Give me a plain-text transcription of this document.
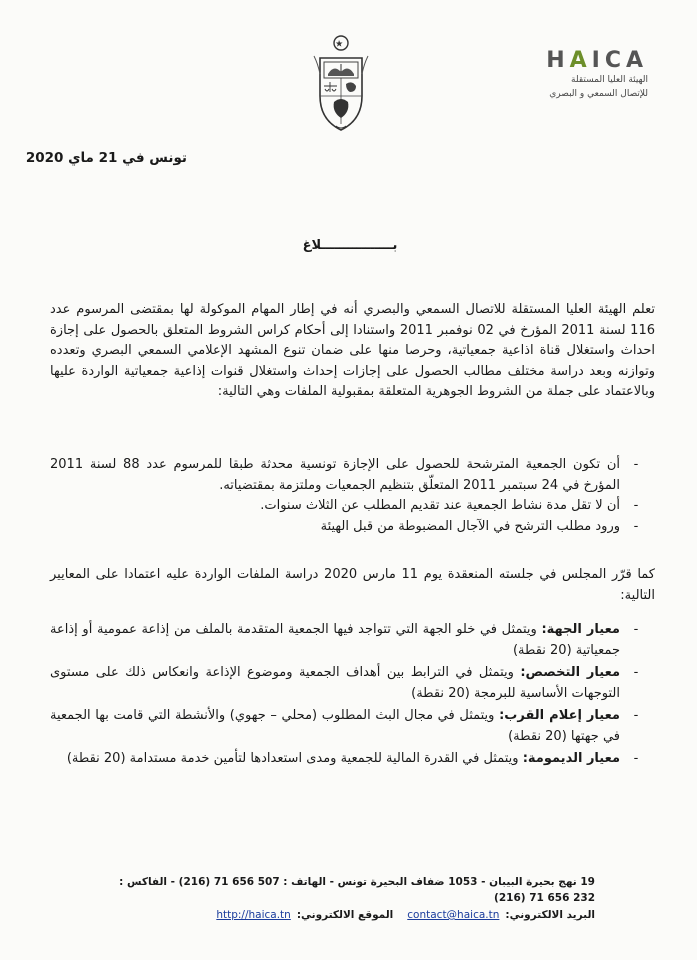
HAICA
الهيئة العليا المستقلة
للإتصال السمعي و البصري
تونس في 21 ماي 2020
بــــــــــــــــلاغ
تعلم الهيئة العليا المستقلة للاتصال السمعي والبصري أنه في إطار المهام الموكولة لها بمقتضى المرسوم عدد 116 لسنة 2011 المؤرخ في 02 نوفمبر 2011 واستنادا إلى أحكام كراس الشروط المتعلق بالحصول على إجازة احداث واستغلال قناة اذاعية جمعياتية، وحرصا منها على ضمان تنوع المشهد الإعلامي السمعي البصري وتعدده وتوازنه وبعد دراسة مختلف مطالب الحصول على إجازات إحداث واستغلال قنوات إذاعية جمعياتية الواردة عليها وبالاعتماد على جملة من الشروط الجوهرية المتعلقة بمقبولية الملفات وهي التالية:
-
أن تكون الجمعية المترشحة للحصول على الإجازة تونسية محدثة طبقا للمرسوم عدد 88 لسنة 2011 المؤرخ في 24 سبتمبر 2011 المتعلّق بتنظيم الجمعيات وملتزمة بمقتضياته.
-
أن لا تقل مدة نشاط الجمعية عند تقديم المطلب عن الثلاث سنوات.
-
ورود مطلب الترشح في الآجال المضبوطة من قبل الهيئة
كما قرّر المجلس في جلسته المنعقدة يوم 11 مارس 2020 دراسة الملفات الواردة عليه اعتمادا على المعايير التالية:
-
معيار الجهة: ويتمثل في خلو الجهة التي تتواجد فيها الجمعية المتقدمة بالملف من إذاعة عمومية أو إذاعة جمعياتية (20 نقطة)
-
معيار التخصص: ويتمثل في الترابط بين أهداف الجمعية وموضوع الإذاعة وانعكاس ذلك على مستوى التوجهات الأساسية للبرمجة (20 نقطة)
-
معيار إعلام القرب: ويتمثل في مجال البث المطلوب (محلي – جهوي) والأنشطة التي قامت بها الجمعية في جهتها (20 نقطة)
-
معيار الديمومة: ويتمثل في القدرة المالية للجمعية ومدى استعدادها لتأمين خدمة مستدامة (20 نقطة)
19 نهج بحيرة البيبان - 1053 ضفاف البحيرة تونس - الهاتف : 507 656 71 (216) - الفاكس : 232 656 71 (216)
البريد الالكتروني:contact@haica.tnالموقع الالكتروني:http://haica.tn
